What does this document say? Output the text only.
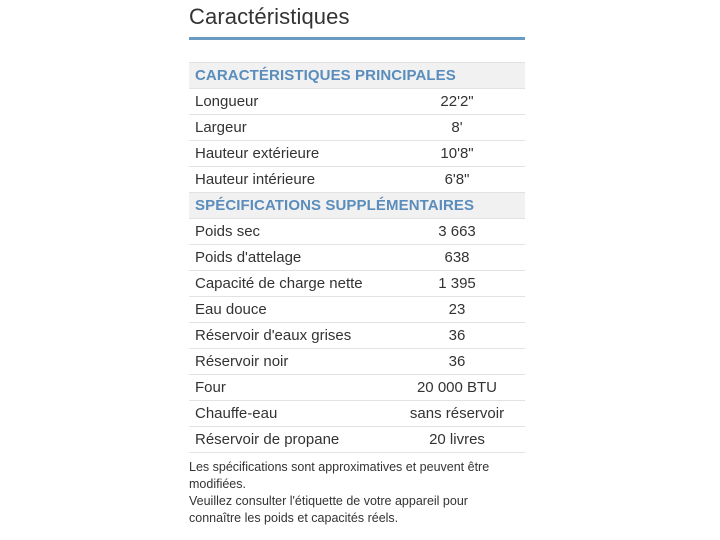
Caractéristiques
CARACTÉRISTIQUES PRINCIPALES	
Longueur	22'2"
Largeur	8'
Hauteur extérieure	10'8"
Hauteur intérieure	6'8"
SPÉCIFICATIONS SUPPLÉMENTAIRES	
Poids sec	3 663
Poids d'attelage	638
Capacité de charge nette	1 395
Eau douce	23
Réservoir d'eaux grises	36
Réservoir noir	36
Four	20 000 BTU
Chauffe-eau	sans réservoir
Réservoir de propane	20 livres

Les spécifications sont approximatives et peuvent être modifiées.

Veuillez consulter l'étiquette de votre appareil pour connaître les poids et capacités réels.
